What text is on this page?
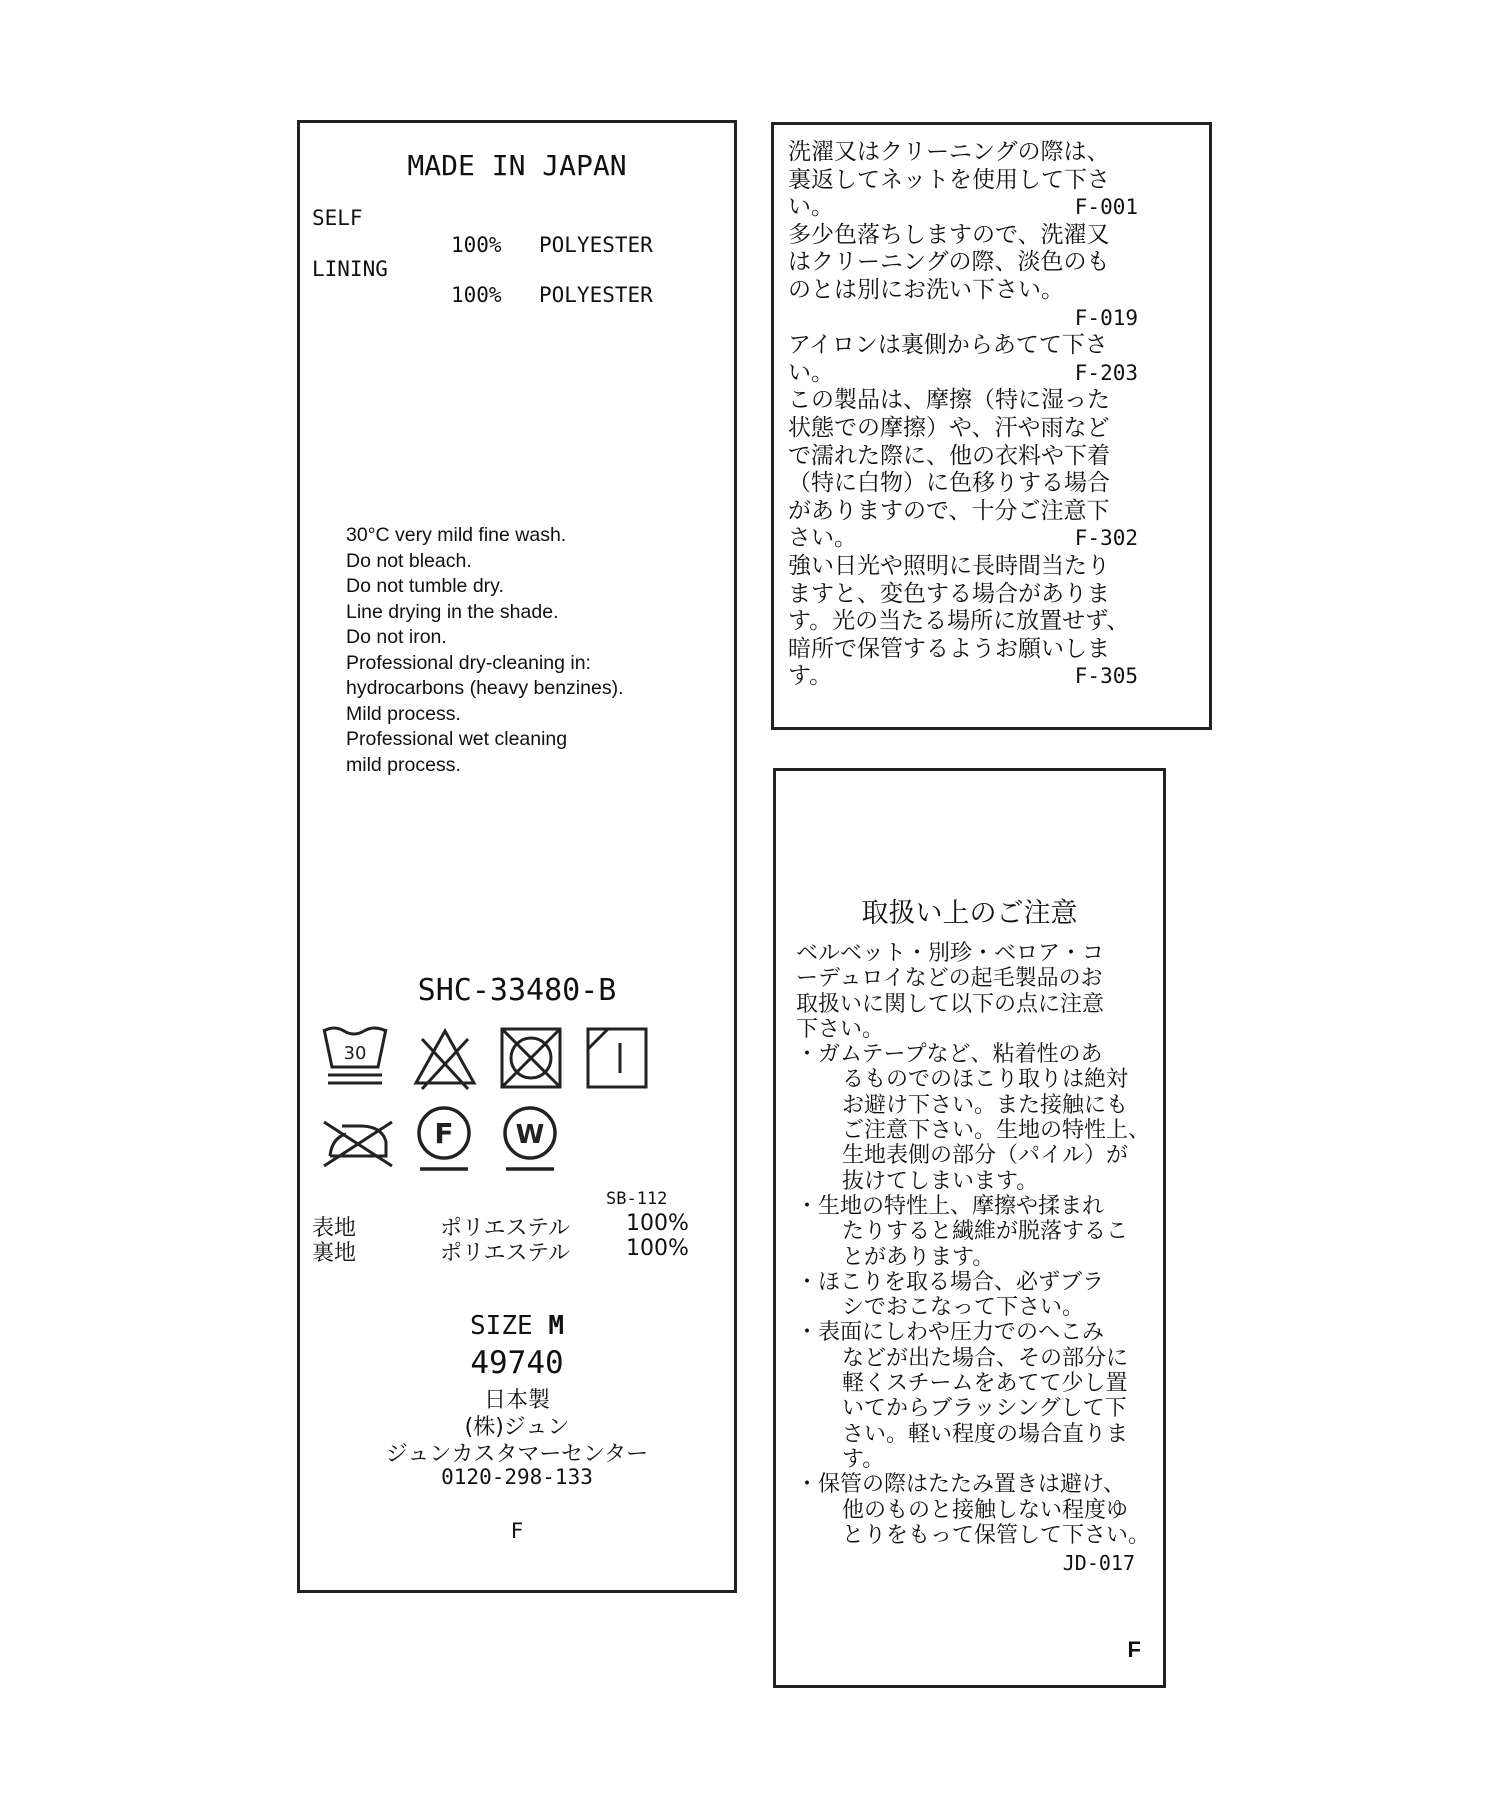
MADE IN JAPAN
SELF
100% POLYESTER
LINING
100% POLYESTER
30°C very mild fine wash.
Do not bleach.
Do not tumble dry.
Line drying in the shade.
Do not iron.
Professional dry-cleaning in:
hydrocarbons (heavy benzines).
Mild process.
Professional wet cleaning
mild process.
SHC-33480-B
30
F W
SB-112
表地	ポリエステル	100%
裏地	ポリエステル	100%
SIZE M
49740
日本製
(株)ジュン
ジュンカスタマーセンター
0120-298-133
F
洗濯又はクリーニングの際は、
裏返してネットを使用して下さ
い。	F-001
多少色落ちしますので、洗濯又
はクリーニングの際、淡色のも
のとは別にお洗い下さい。
F-019
アイロンは裏側からあてて下さ
い。	F-203
この製品は、摩擦（特に湿った
状態での摩擦）や、汗や雨など
で濡れた際に、他の衣料や下着
（特に白物）に色移りする場合
がありますので、十分ご注意下
さい。	F-302
強い日光や照明に長時間当たり
ますと、変色する場合がありま
す。光の当たる場所に放置せず、
暗所で保管するようお願いしま
す。	F-305
取扱い上のご注意
ベルベット・別珍・ベロア・コ
ーデュロイなどの起毛製品のお
取扱いに関して以下の点に注意
下さい。
・ガムテープなど、粘着性のあ
るものでのほこり取りは絶対
お避け下さい。また接触にも
ご注意下さい。生地の特性上、
生地表側の部分（パイル）が
抜けてしまいます。
・生地の特性上、摩擦や揉まれ
たりすると繊維が脱落するこ
とがあります。
・ほこりを取る場合、必ずブラ
シでおこなって下さい。
・表面にしわや圧力でのへこみ
などが出た場合、その部分に
軽くスチームをあてて少し置
いてからブラッシングして下
さい。軽い程度の場合直りま
す。
・保管の際はたたみ置きは避け、
他のものと接触しない程度ゆ
とりをもって保管して下さい。
JD-017
F
